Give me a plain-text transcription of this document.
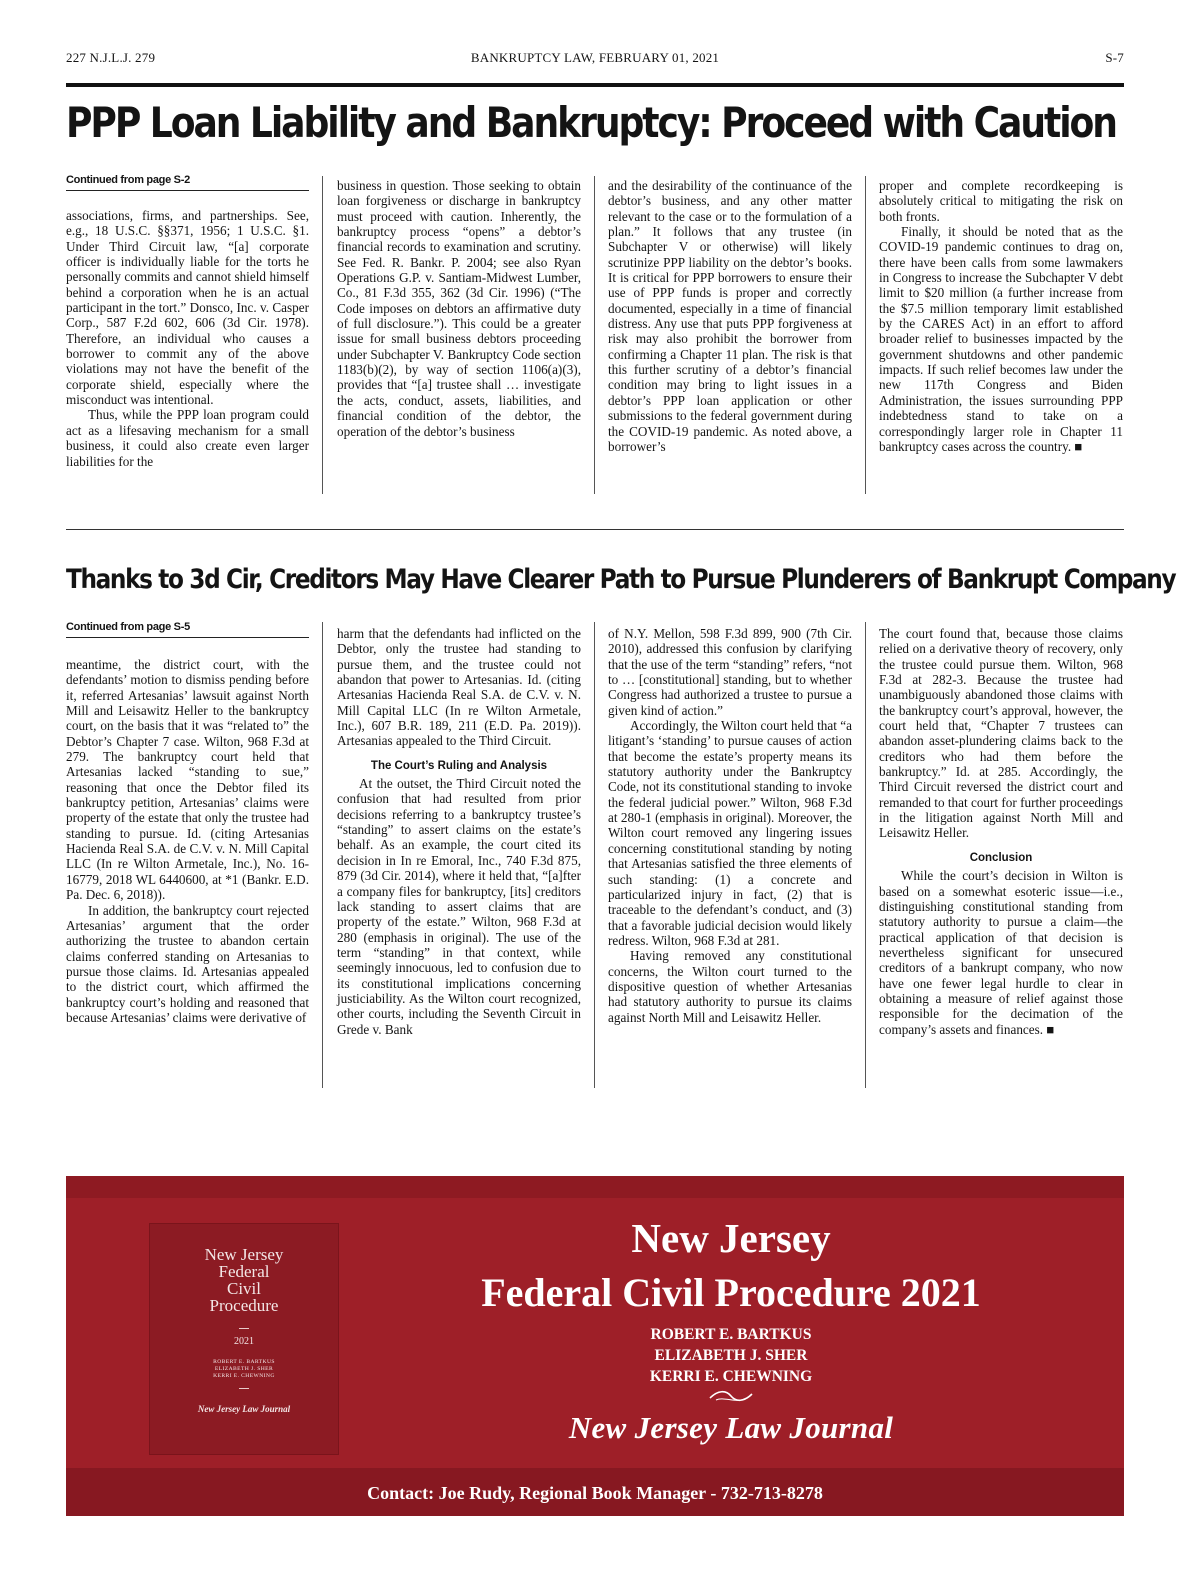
227 N.J.L.J. 279	BANKRUPTCY LAW, FEBRUARY 01, 2021	S-7
PPP Loan Liability and Bankruptcy: Proceed with Caution
Continued from page S-2

associations, firms, and partnerships. See, e.g., 18 U.S.C. §§371, 1956; 1 U.S.C. §1. Under Third Circuit law, “[a] corporate officer is individually liable for the torts he personally commits and cannot shield himself behind a corporation when he is an actual participant in the tort.” Donsco, Inc. v. Casper Corp., 587 F.2d 602, 606 (3d Cir. 1978). Therefore, an individual who causes a borrower to commit any of the above violations may not have the benefit of the corporate shield, especially where the misconduct was intentional.

Thus, while the PPP loan program could act as a lifesaving mechanism for a small business, it could also create even larger liabilities for the

business in question. Those seeking to obtain loan forgiveness or discharge in bankruptcy must proceed with caution. Inherently, the bankruptcy process “opens” a debtor’s financial records to examination and scrutiny. See Fed. R. Bankr. P. 2004; see also Ryan Operations G.P. v. Santiam-Midwest Lumber, Co., 81 F.3d 355, 362 (3d Cir. 1996) (“The Code imposes on debtors an affirmative duty of full disclosure.”). This could be a greater issue for small business debtors proceeding under Subchapter V. Bankruptcy Code section 1183(b)(2), by way of section 1106(a)(3), provides that “[a] trustee shall … investigate the acts, conduct, assets, liabilities, and financial condition of the debtor, the operation of the debtor’s business

and the desirability of the continuance of the debtor’s business, and any other matter relevant to the case or to the formulation of a plan.” It follows that any trustee (in Subchapter V or otherwise) will likely scrutinize PPP liability on the debtor’s books. It is critical for PPP borrowers to ensure their use of PPP funds is proper and correctly documented, especially in a time of financial distress. Any use that puts PPP forgiveness at risk may also prohibit the borrower from confirming a Chapter 11 plan. The risk is that this further scrutiny of a debtor’s financial condition may bring to light issues in a debtor’s PPP loan application or other submissions to the federal government during the COVID-19 pandemic. As noted above, a borrower’s

proper and complete recordkeeping is absolutely critical to mitigating the risk on both fronts.

Finally, it should be noted that as the COVID-19 pandemic continues to drag on, there have been calls from some lawmakers in Congress to increase the Subchapter V debt limit to $20 million (a further increase from the $7.5 million temporary limit established by the CARES Act) in an effort to afford broader relief to businesses impacted by the government shutdowns and other pandemic impacts. If such relief becomes law under the new 117th Congress and Biden Administration, the issues surrounding PPP indebtedness stand to take on a correspondingly larger role in Chapter 11 bankruptcy cases across the country. ■

Thanks to 3d Cir, Creditors May Have Clearer Path to Pursue Plunderers of Bankrupt Company
Continued from page S-5

meantime, the district court, with the defendants’ motion to dismiss pending before it, referred Artesanias’ lawsuit against North Mill and Leisawitz Heller to the bankruptcy court, on the basis that it was “related to” the Debtor’s Chapter 7 case. Wilton, 968 F.3d at 279. The bankruptcy court held that Artesanias lacked “standing to sue,” reasoning that once the Debtor filed its bankruptcy petition, Artesanias’ claims were property of the estate that only the trustee had standing to pursue. Id. (citing Artesanias Hacienda Real S.A. de C.V. v. N. Mill Capital LLC (In re Wilton Armetale, Inc.), No. 16-16779, 2018 WL 6440600, at *1 (Bankr. E.D. Pa. Dec. 6, 2018)).

In addition, the bankruptcy court rejected Artesanias’ argument that the order authorizing the trustee to abandon certain claims conferred standing on Artesanias to pursue those claims. Id. Artesanias appealed to the district court, which affirmed the bankruptcy court’s holding and reasoned that because Artesanias’ claims were derivative of

harm that the defendants had inflicted on the Debtor, only the trustee had standing to pursue them, and the trustee could not abandon that power to Artesanias. Id. (citing Artesanias Hacienda Real S.A. de C.V. v. N. Mill Capital LLC (In re Wilton Armetale, Inc.), 607 B.R. 189, 211 (E.D. Pa. 2019)). Artesanias appealed to the Third Circuit.

The Court’s Ruling and Analysis

At the outset, the Third Circuit noted the confusion that had resulted from prior decisions referring to a bankruptcy trustee’s “standing” to assert claims on the estate’s behalf. As an example, the court cited its decision in In re Emoral, Inc., 740 F.3d 875, 879 (3d Cir. 2014), where it held that, “[a]fter a company files for bankruptcy, [its] creditors lack standing to assert claims that are property of the estate.” Wilton, 968 F.3d at 280 (emphasis in original). The use of the term “standing” in that context, while seemingly innocuous, led to confusion due to its constitutional implications concerning justiciability. As the Wilton court recognized, other courts, including the Seventh Circuit in Grede v. Bank

of N.Y. Mellon, 598 F.3d 899, 900 (7th Cir. 2010), addressed this confusion by clarifying that the use of the term “standing” refers, “not to … [constitutional] standing, but to whether Congress had authorized a trustee to pursue a given kind of action.”

Accordingly, the Wilton court held that “a litigant’s ‘standing’ to pursue causes of action that become the estate’s property means its statutory authority under the Bankruptcy Code, not its constitutional standing to invoke the federal judicial power.” Wilton, 968 F.3d at 280-1 (emphasis in original). Moreover, the Wilton court removed any lingering issues concerning constitutional standing by noting that Artesanias satisfied the three elements of such standing: (1) a concrete and particularized injury in fact, (2) that is traceable to the defendant’s conduct, and (3) that a favorable judicial decision would likely redress. Wilton, 968 F.3d at 281.

Having removed any constitutional concerns, the Wilton court turned to the dispositive question of whether Artesanias had statutory authority to pursue its claims against North Mill and Leisawitz Heller.

The court found that, because those claims relied on a derivative theory of recovery, only the trustee could pursue them. Wilton, 968 F.3d at 282-3. Because the trustee had unambiguously abandoned those claims with the bankruptcy court’s approval, however, the court held that, “Chapter 7 trustees can abandon asset-plundering claims back to the creditors who had them before the bankruptcy.” Id. at 285. Accordingly, the Third Circuit reversed the district court and remanded to that court for further proceedings in the litigation against North Mill and Leisawitz Heller.

Conclusion

While the court’s decision in Wilton is based on a somewhat esoteric issue—i.e., distinguishing constitutional standing from statutory authority to pursue a claim—the practical application of that decision is nevertheless significant for unsecured creditors of a bankrupt company, who now have one fewer legal hurdle to clear in obtaining a measure of relief against those responsible for the decimation of the company’s assets and finances. ■

New Jersey
Federal
Civil
Procedure
2021
ROBERT E. BARTKUS
ELIZABETH J. SHER
KERRI E. CHEWNING
New Jersey Law Journal
New Jersey
Federal Civil Procedure 2021
ROBERT E. BARTKUS
ELIZABETH J. SHER
KERRI E. CHEWNING
New Jersey Law Journal
Contact: Joe Rudy, Regional Book Manager - 732-713-8278
